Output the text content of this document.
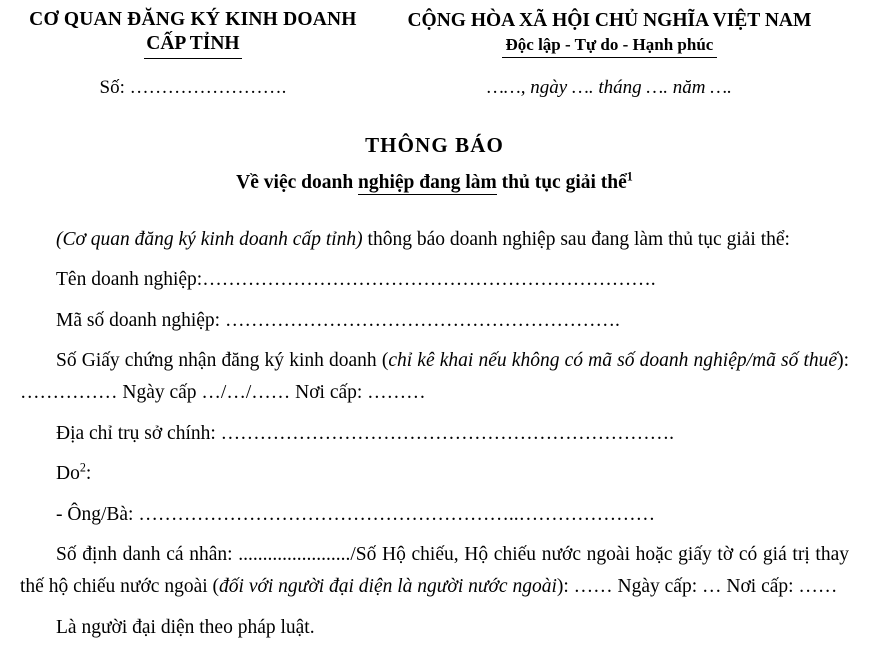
CƠ QUAN ĐĂNG KÝ KINH DOANH
CẤP TỈNH
CỘNG HÒA XÃ HỘI CHỦ NGHĨA VIỆT NAM
Độc lập - Tự do - Hạnh phúc
Số: …………………….	……, ngày …. tháng …. năm ….
THÔNG BÁO
Về việc doanh nghiệp đang làm thủ tục giải thể$^1$
(Cơ quan đăng ký kinh doanh cấp tỉnh) thông báo doanh nghiệp sau đang làm thủ tục giải thể:
Tên doanh nghiệp:…………………………………………………………….
Mã số doanh nghiệp: …………………………………………………….
Số Giấy chứng nhận đăng ký kinh doanh (chỉ kê khai nếu không có mã số doanh nghiệp/mã số thuế): …………… Ngày cấp …/…/…… Nơi cấp: ………
Địa chỉ trụ sở chính: …………………………………………………………….
Do$^2$:
- Ông/Bà: …………………………………………………..…………………
Số định danh cá nhân: ......................./Số Hộ chiếu, Hộ chiếu nước ngoài hoặc giấy tờ có giá trị thay thế hộ chiếu nước ngoài (đối với người đại diện là người nước ngoài): …… Ngày cấp: … Nơi cấp: ……
Là người đại diện theo pháp luật.
